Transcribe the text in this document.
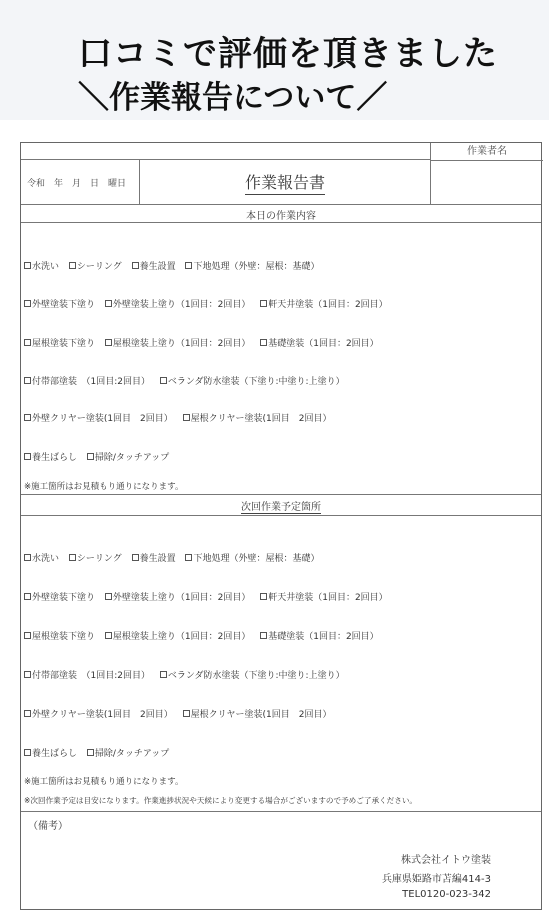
口コミで評価を頂きました
＼作業報告について／
作業者名
令和　年　月　日　曜日	作業報告書
本日の作業内容
水洗い シーリング 養生設置 下地処理（外壁：屋根：基礎）
外壁塗装下塗り 外壁塗装上塗り（1回目：2回目） 軒天井塗装（1回目：2回目）
屋根塗装下塗り 屋根塗装上塗り（1回目：2回目） 基礎塗装（1回目：2回目）
付帯部塗装　（1回目:2回目） ベランダ防水塗装（下塗り:中塗り:上塗り）
外壁クリヤー塗装(1回目　2回目） 屋根クリヤー塗装(1回目　2回目）
養生ばらし 掃除/タッチアップ
※施工箇所はお見積もり通りになります。
次回作業予定箇所
水洗い シーリング 養生設置 下地処理（外壁：屋根：基礎）
外壁塗装下塗り 外壁塗装上塗り（1回目：2回目） 軒天井塗装（1回目：2回目）
屋根塗装下塗り 屋根塗装上塗り（1回目：2回目） 基礎塗装（1回目：2回目）
付帯部塗装　（1回目:2回目） ベランダ防水塗装（下塗り:中塗り:上塗り）
外壁クリヤー塗装(1回目　2回目） 屋根クリヤー塗装(1回目　2回目）
養生ばらし 掃除/タッチアップ
※施工箇所はお見積もり通りになります。
※次回作業予定は目安になります。作業進捗状況や天候により変更する場合がございますので予めご了承ください。
（備考）
株式会社イトウ塗装
兵庫県姫路市苫編414-3
TEL0120-023-342
